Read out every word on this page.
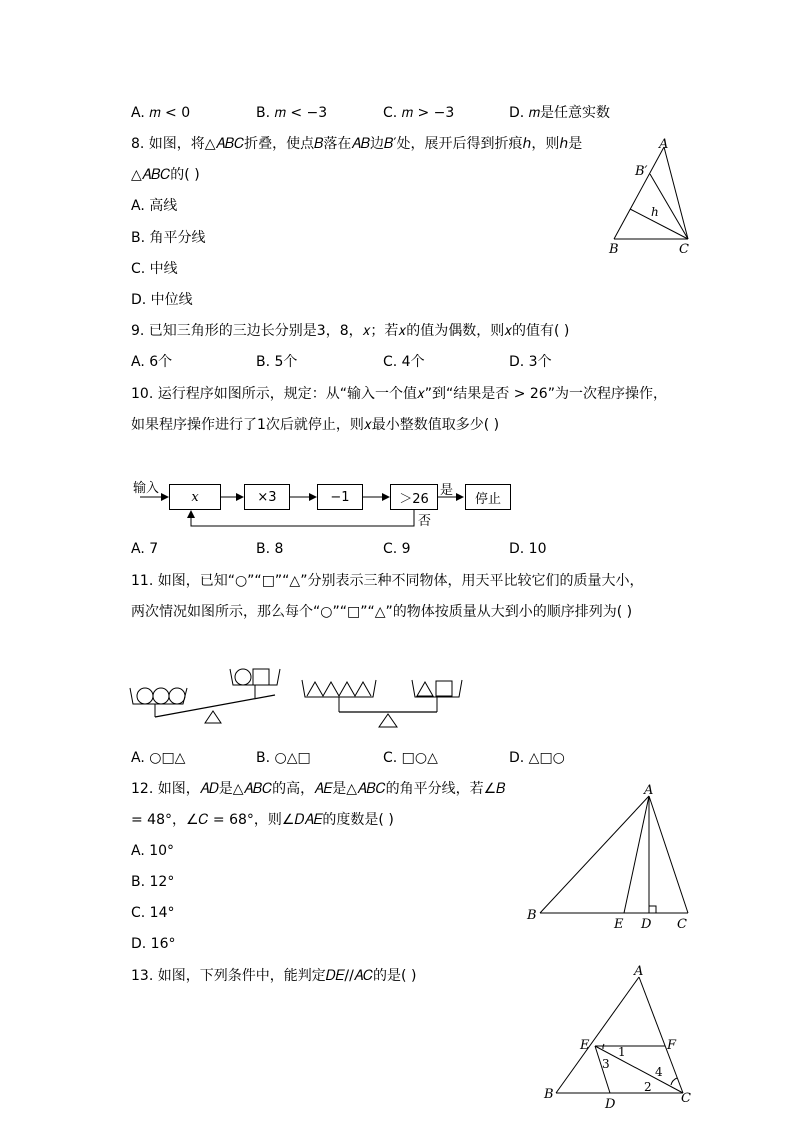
A. 𝑚 < 0	B. 𝑚 < −3	C. 𝑚 > −3	D. 𝑚是任意实数
8. 如图，将△𝐴𝐵𝐶折叠，使点𝐵落在𝐴𝐵边𝐵′处，展开后得到折痕ℎ，则ℎ是
△𝐴𝐵𝐶的( )
A. 高线
B. 角平分线
C. 中线
D. 中位线
A
B′
h
B	C
9. 已知三角形的三边长分别是3，8，𝑥；若𝑥的值为偶数，则𝑥的值有( )
A. 6个	B. 5个	C. 4个	D. 3个
10. 运行程序如图所示，规定：从“输入一个值𝑥”到“结果是否 > 26”为一次程序操作，
如果程序操作进行了1次后就停止，则𝑥最小整数值取多少( )
输入
x	×3	−1	＞26
是
停止
否
A. 7	B. 8	C. 9	D. 10
11. 如图，已知“○”“□”“△”分别表示三种不同物体，用天平比较它们的质量大小，
两次情况如图所示，那么每个“○”“□”“△”的物体按质量从大到小的顺序排列为( )
A. ○□△	B. ○△□	C. □○△	D. △□○
12. 如图，𝐴𝐷是△𝐴𝐵𝐶的高，𝐴𝐸是△𝐴𝐵𝐶的角平分线，若∠𝐵
= 48°，∠𝐶 = 68°，则∠𝐷𝐴𝐸的度数是( )
A. 10°
B. 12°
C. 14°
D. 16°
A
B
E D C
13. 如图，下列条件中，能判定𝐷𝐸//𝐴𝐶的是( )	A
E	F
B
D	C
1
2
3
4
